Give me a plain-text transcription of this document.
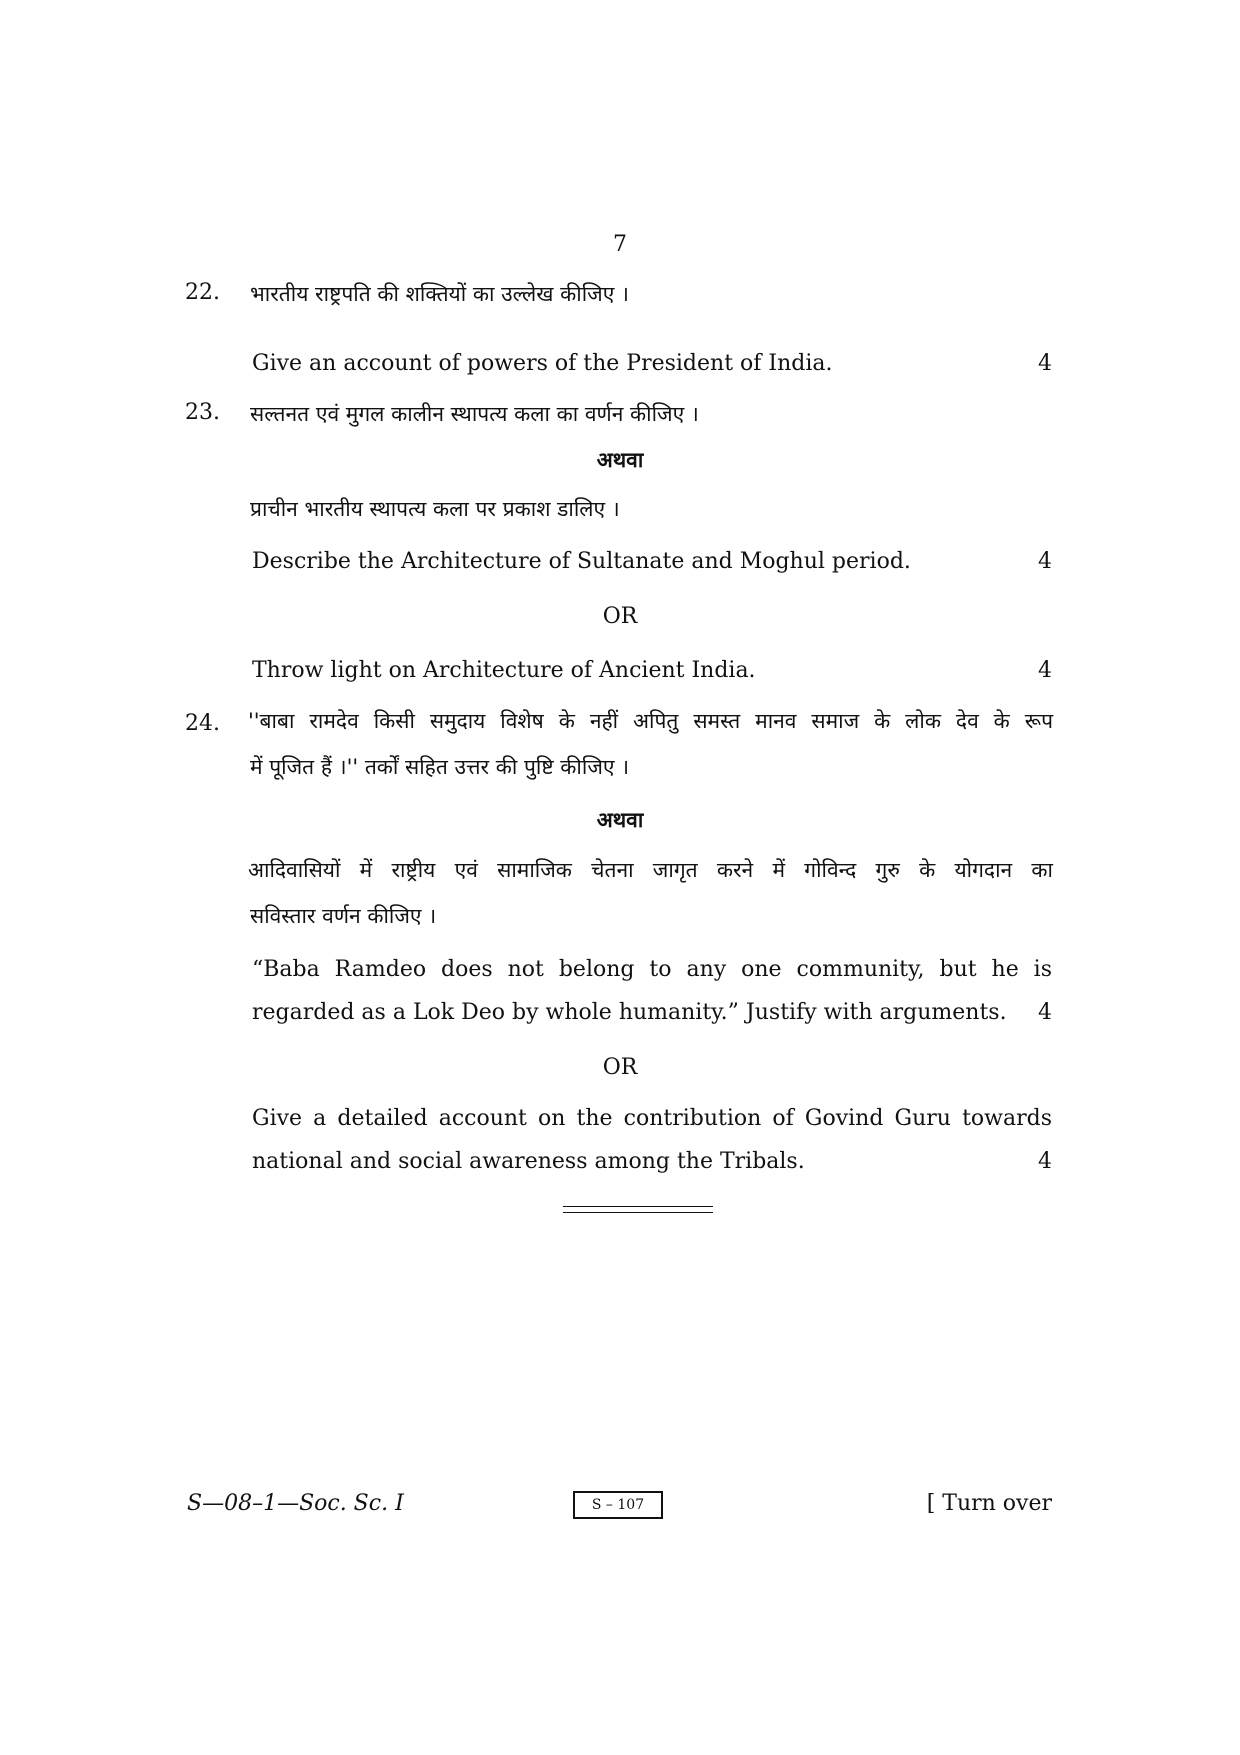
7
22. भारतीय राष्ट्रपति की शक्तियों का उल्लेख कीजिए ।
Give an account of powers of the President of India.	4
23. सल्तनत एवं मुगल कालीन स्थापत्य कला का वर्णन कीजिए ।
अथवा
प्राचीन भारतीय स्थापत्य कला पर प्रकाश डालिए ।
Describe the Architecture of Sultanate and Moghul period.	4
OR
Throw light on Architecture of Ancient India.	4
24. ''बाबा रामदेव किसी समुदाय विशेष के नहीं अपितु समस्त मानव समाज के लोक देव के रूप
में पूजित हैं ।'' तर्कों सहित उत्तर की पुष्टि कीजिए ।
अथवा
आदिवासियों में राष्ट्रीय एवं सामाजिक चेतना जागृत करने में गोविन्द गुरु के योगदान का
सविस्तार वर्णन कीजिए ।
“Baba Ramdeo does not belong to any one community, but he is
regarded as a Lok Deo by whole humanity.” Justify with arguments.	4
OR
Give a detailed account on the contribution of Govind Guru towards
national and social awareness among the Tribals.	4
S—08–1—Soc. Sc. I	S – 107	[ Turn over
